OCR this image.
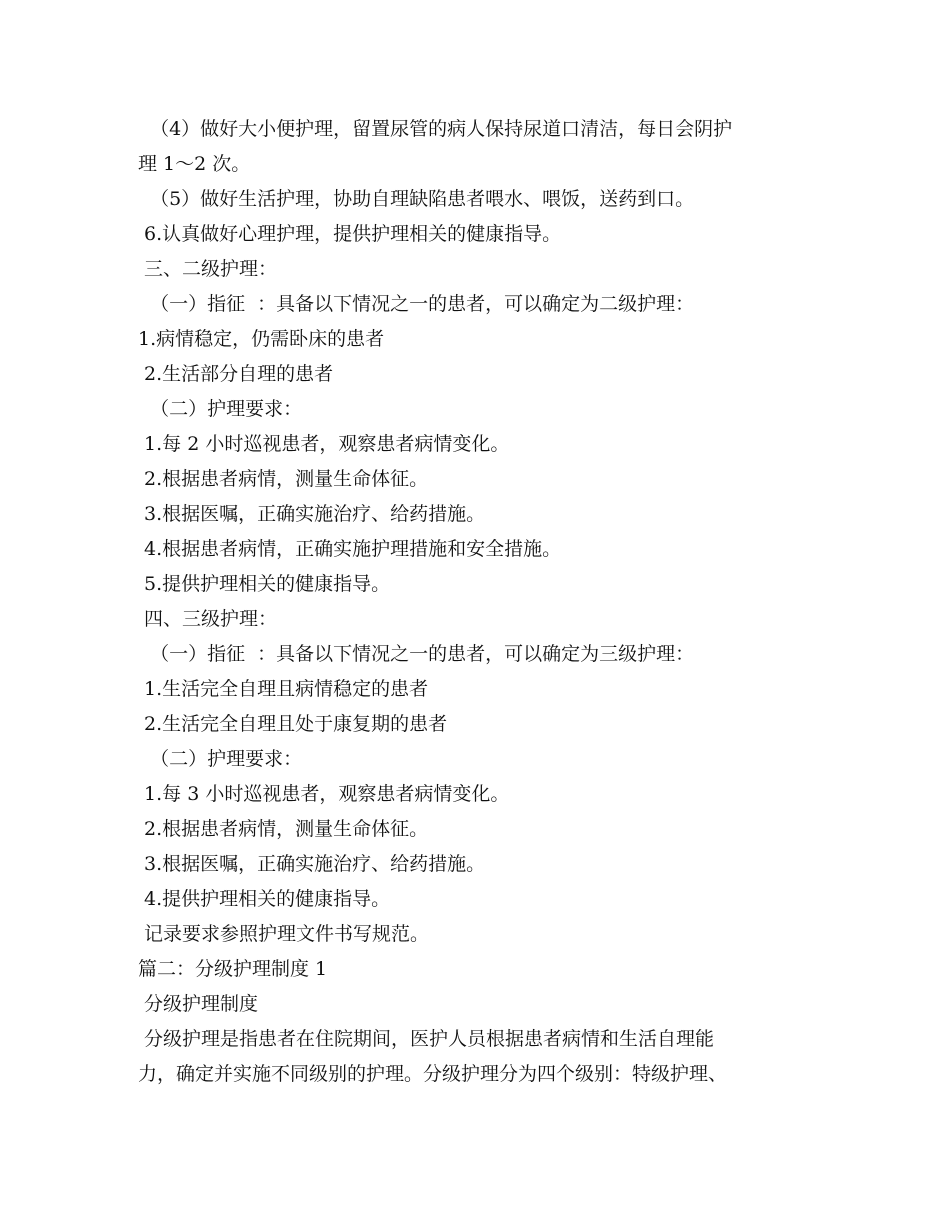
（4）做好大小便护理，留置尿管的病人保持尿道口清洁，每日会阴护
理 1～2 次。
（5）做好生活护理，协助自理缺陷患者喂水、喂饭，送药到口。
6.认真做好心理护理，提供护理相关的健康指导。
三、二级护理：
（一）指征  ：具备以下情况之一的患者，可以确定为二级护理：
1.病情稳定，仍需卧床的患者
2.生活部分自理的患者
（二）护理要求：
1.每 2 小时巡视患者，观察患者病情变化。
2.根据患者病情，测量生命体征。
3.根据医嘱，正确实施治疗、给药措施。
4.根据患者病情，正确实施护理措施和安全措施。
5.提供护理相关的健康指导。
四、三级护理：
（一）指征  ：具备以下情况之一的患者，可以确定为三级护理：
1.生活完全自理且病情稳定的患者
2.生活完全自理且处于康复期的患者
（二）护理要求：
1.每 3 小时巡视患者，观察患者病情变化。
2.根据患者病情，测量生命体征。
3.根据医嘱，正确实施治疗、给药措施。
4.提供护理相关的健康指导。
记录要求参照护理文件书写规范。
篇二：分级护理制度 1
分级护理制度
分级护理是指患者在住院期间，医护人员根据患者病情和生活自理能
力，确定并实施不同级别的护理。分级护理分为四个级别：特级护理、
